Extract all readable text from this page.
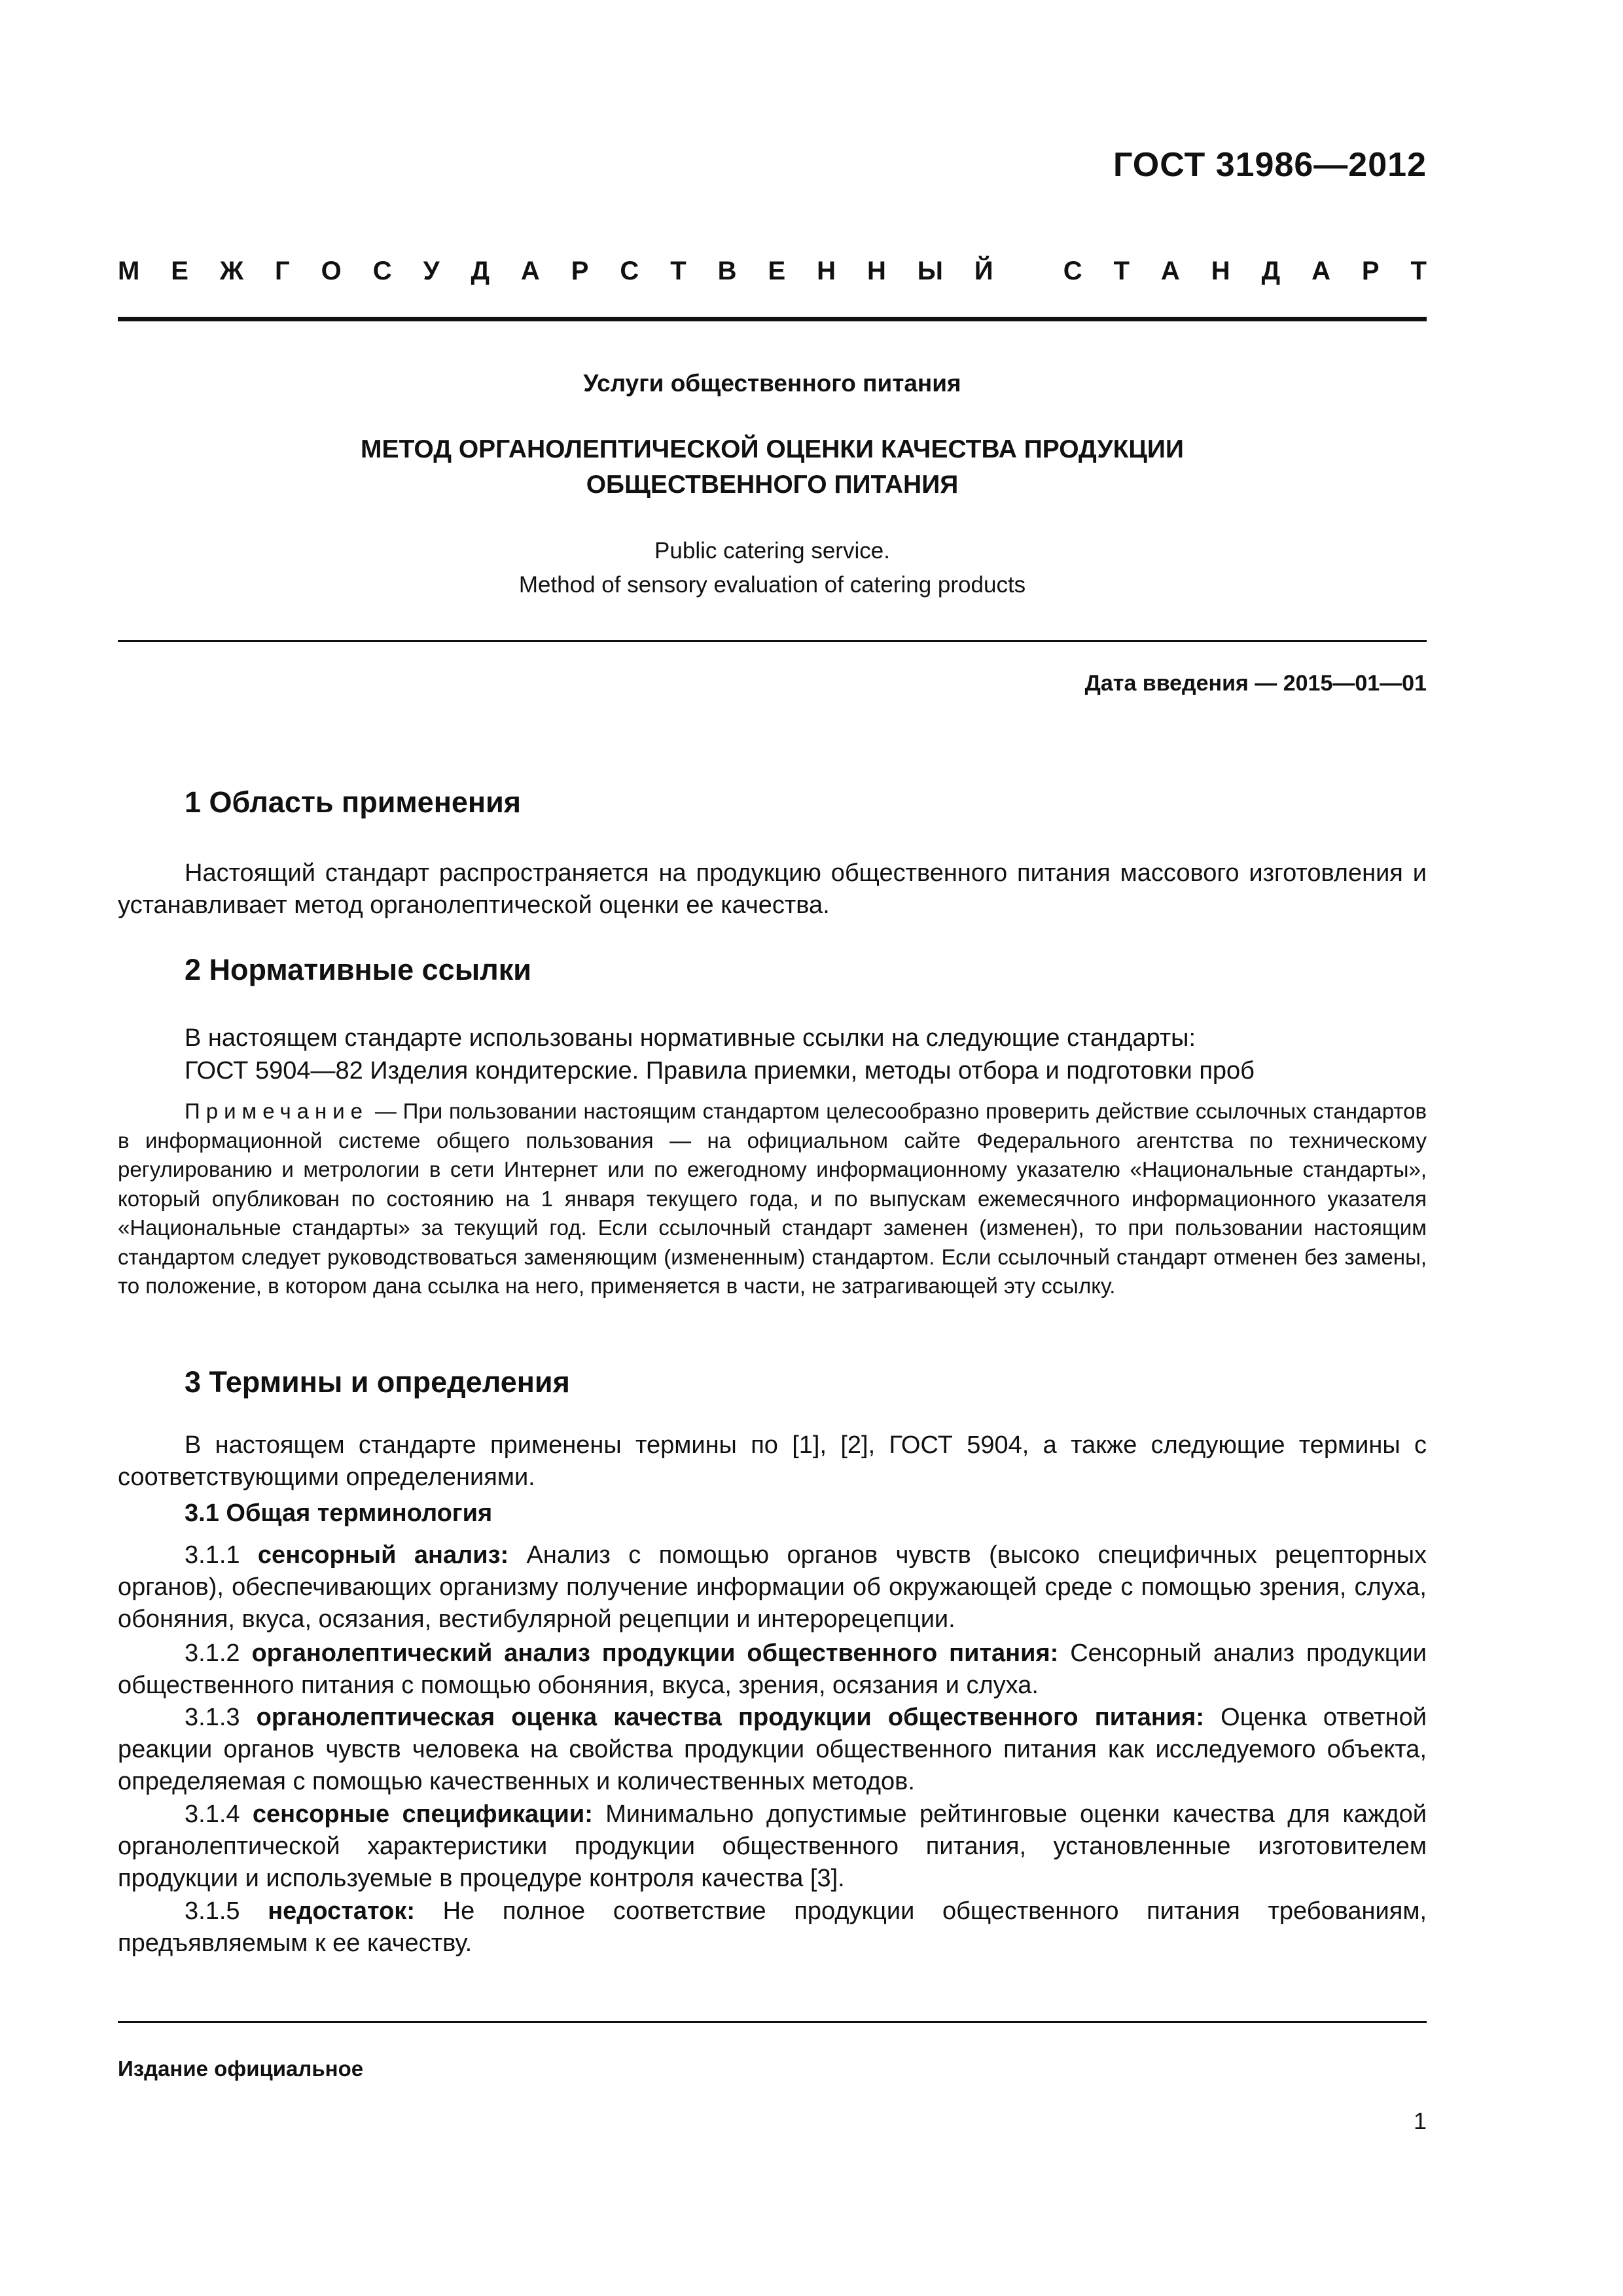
ГОСТ 31986—2012
М Е Ж Г О С У Д А Р С Т В Е Н Н Ы Й
	С Т А Н Д А Р Т
Услуги общественного питания
МЕТОД ОРГАНОЛЕПТИЧЕСКОЙ ОЦЕНКИ КАЧЕСТВА ПРОДУКЦИИ
ОБЩЕСТВЕННОГО ПИТАНИЯ
Public catering service.
Method of sensory evaluation of catering products
Дата введения — 2015—01—01
1 Область применения
Настоящий стандарт распространяется на продукцию общественного питания массового изготовления и устанавливает метод органолептической оценки ее качества.
2 Нормативные ссылки
В настоящем стандарте использованы нормативные ссылки на следующие стандарты:
ГОСТ 5904—82 Изделия кондитерские. Правила приемки, методы отбора и подготовки проб
Примечание — При пользовании настоящим стандартом целесообразно проверить действие ссылочных стандартов в информационной системе общего пользования — на официальном сайте Федерального агентства по техническому регулированию и метрологии в сети Интернет или по ежегодному информационному указателю «Национальные стандарты», который опубликован по состоянию на 1 января текущего года, и по выпускам ежемесячного информационного указателя «Национальные стандарты» за текущий год. Если ссылочный стандарт заменен (изменен), то при пользовании настоящим стандартом следует руководствоваться заменяющим (измененным) стандартом. Если ссылочный стандарт отменен без замены, то положение, в котором дана ссылка на него, применяется в части, не затрагивающей эту ссылку.
3 Термины и определения
В настоящем стандарте применены термины по [1], [2], ГОСТ 5904, а также следующие термины с соответствующими определениями.
3.1 Общая терминология
3.1.1 сенсорный анализ: Анализ с помощью органов чувств (высоко специфичных рецепторных органов), обеспечивающих организму получение информации об окружающей среде с помощью зрения, слуха, обоняния, вкуса, осязания, вестибулярной рецепции и интерорецепции.
3.1.2 органолептический анализ продукции общественного питания: Сенсорный анализ продукции общественного питания с помощью обоняния, вкуса, зрения, осязания и слуха.
3.1.3 органолептическая оценка качества продукции общественного питания: Оценка ответной реакции органов чувств человека на свойства продукции общественного питания как исследуемого объекта, определяемая с помощью качественных и количественных методов.
3.1.4 сенсорные спецификации: Минимально допустимые рейтинговые оценки качества для каждой органолептической характеристики продукции общественного питания, установленные изготовителем продукции и используемые в процедуре контроля качества [3].
3.1.5 недостаток: Не полное соответствие продукции общественного питания требованиям, предъявляемым к ее качеству.
Издание официальное
1
